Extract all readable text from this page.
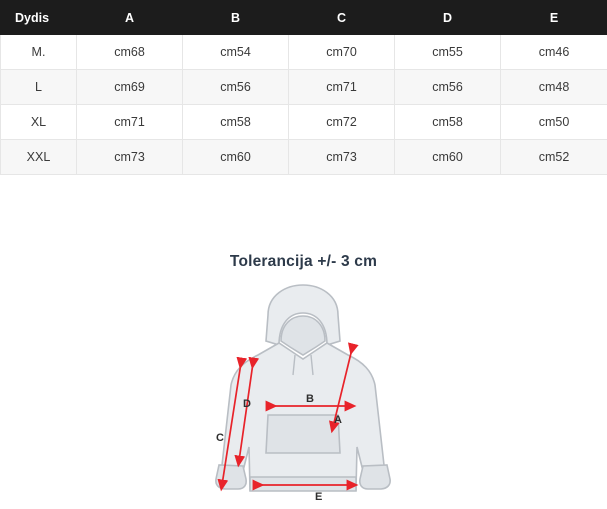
Dydis	A	B	C	D	E
M.	cm68	cm54	cm70	cm55	cm46
L	cm69	cm56	cm71	cm56	cm48
XL	cm71	cm58	cm72	cm58	cm50
XXL	cm73	cm60	cm73	cm60	cm52
Tolerancija +/- 3 cm
A
B
C
D
E
